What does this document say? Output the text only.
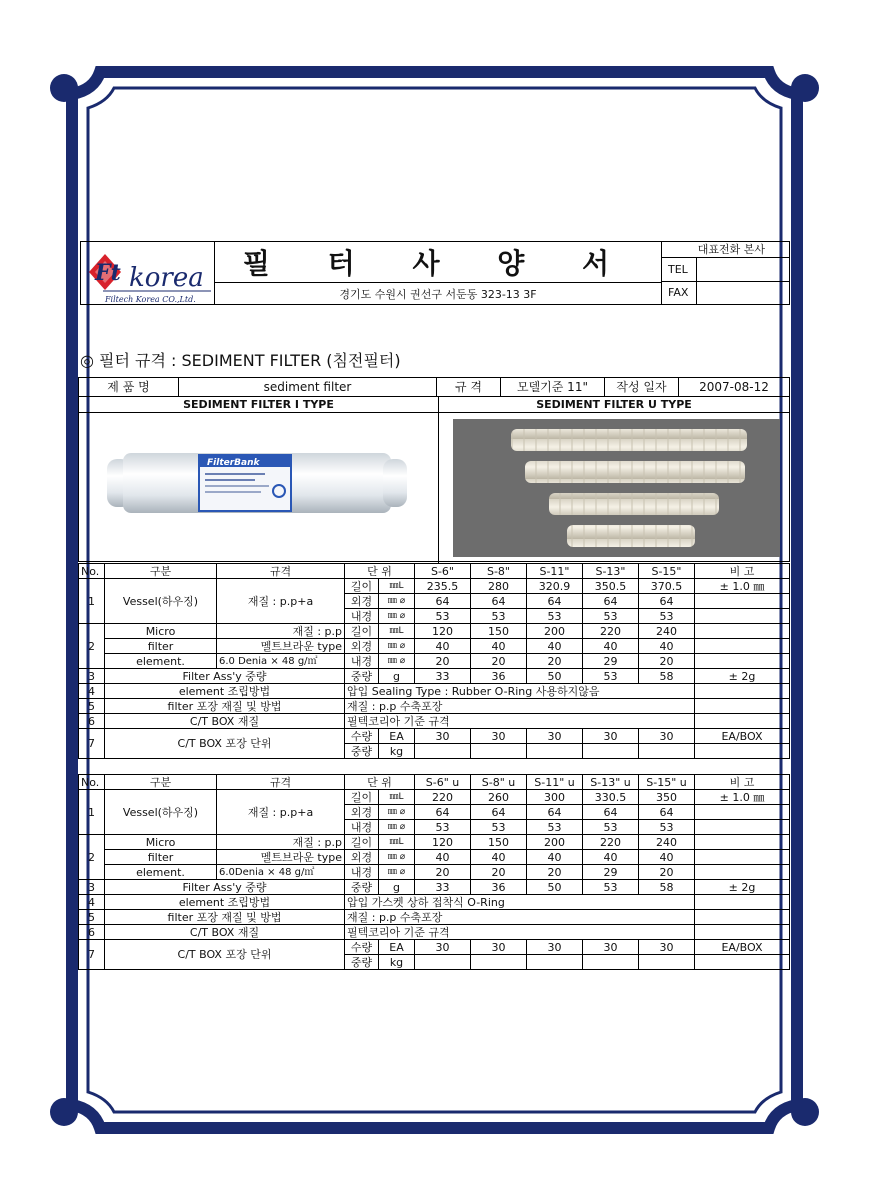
Ft korea
Filtech Korea CO.,Ltd.
필 터 사 양 서
경기도 수원시 권선구 서둔동 323-13 3F
대표전화 본사
TEL
FAX
◎ 필터 규격 : SEDIMENT FILTER (침전필터)
제 품 명	sediment filter	규 격	모델기준 11"	작성 일자	2007-08-12
SEDIMENT FILTER I TYPE	SEDIMENT FILTER U TYPE
FilterBank
No.	구분	규격	단 위		S-6"	S-8"	S-11"	S-13"	S-15"	비 고
1	Vessel(하우징)	재질 : p.p+a	길이	㎜L	235.5	280	320.9	350.5	370.5	± 1.0 ㎜
			외경	㎜ ⌀	64	64	64	64	64	
			내경	㎜ ⌀	53	53	53	53	53	
2	Micro	재질 : p.p	길이	㎜L	120	150	200	220	240	
	filter	멜트브라운 type	외경	㎜ ⌀	40	40	40	40	40	
	element.	6.0 Denia × 48 g/㎡	내경	㎜ ⌀	20	20	20	29	20	
3	Filter Ass'y 중량		중량	g	33	36	50	53	58	± 2g
4	element 조립방법		압입 Sealing Type : Rubber O-Ring 사용하지않음							
5	filter 포장 재질 및 방법		재질 : p.p 수축포장							
6	C/T BOX 재질		필텍코리아 기준 규격							
7	C/T BOX 포장 단위		수량	EA	30	30	30	30	30	EA/BOX
			중량	kg						
No.	구분	규격	단 위		S-6" u	S-8" u	S-11" u	S-13" u	S-15" u	비 고
1	Vessel(하우징)	재질 : p.p+a	길이	㎜L	220	260	300	330.5	350	± 1.0 ㎜
			외경	㎜ ⌀	64	64	64	64	64	
			내경	㎜ ⌀	53	53	53	53	53	
2	Micro	재질 : p.p	길이	㎜L	120	150	200	220	240	
	filter	멜트브라운 type	외경	㎜ ⌀	40	40	40	40	40	
	element.	6.0Denia × 48 g/㎡	내경	㎜ ⌀	20	20	20	29	20	
3	Filter Ass'y 중량		중량	g	33	36	50	53	58	± 2g
4	element 조립방법		압입 가스켓 상하 접착식 O-Ring							
5	filter 포장 재질 및 방법		재질 : p.p 수축포장							
6	C/T BOX 재질		필텍코리아 기준 규격							
7	C/T BOX 포장 단위		수량	EA	30	30	30	30	30	EA/BOX
			중량	kg						
